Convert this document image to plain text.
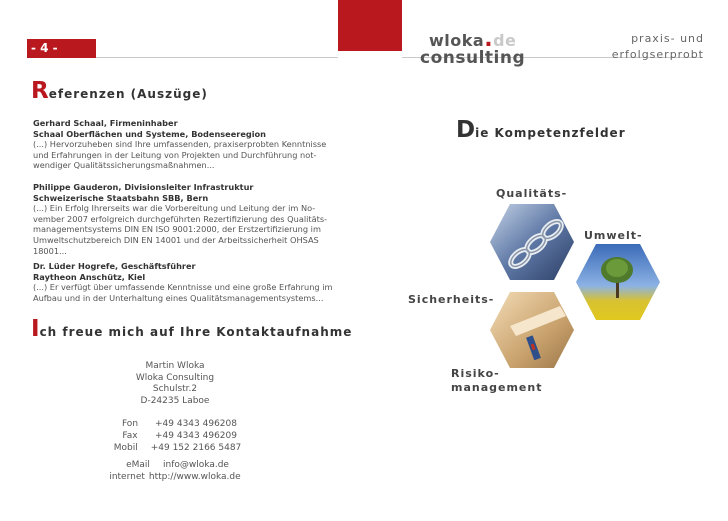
- 4 -	wloka.de
consulting
praxis- und
erfolgserprobt
Referenzen (Auszüge)
Gerhard Schaal, Firmeninhaber
Schaal Oberflächen und Systeme, Bodenseeregion
(...) Hervorzuheben sind Ihre umfassenden, praxiserprobten Kenntnisse und Erfahrungen in der Leitung von Projekten und Durchführung not-wendiger Qualitätssicherungsmaßnahmen...
Philippe Gauderon, Divisionsleiter Infrastruktur
Schweizerische Staatsbahn SBB, Bern
(...) Ein Erfolg Ihrerseits war die Vorbereitung und Leitung der im No-vember 2007 erfolgreich durchgeführten Rezertifizierung des Qualitäts-managementsystems DIN EN ISO 9001:2000, der Erstzertifizierung im Umweltschutzbereich DIN EN 14001 und der Arbeitssicherheit OHSAS 18001...
Dr. Lüder Hogrefe, Geschäftsführer
Raytheon Anschütz, Kiel
(...) Er verfügt über umfassende Kenntnisse und eine große Erfahrung im Aufbau und in der Unterhaltung eines Qualitätsmanagementsystems...
Ich freue mich auf Ihre Kontaktaufnahme
Martin Wloka
Wloka Consulting
Schulstr.2
D-24235 Laboe
Fon	+49 4343 496208
Fax	+49 4343 496209
Mobil	+49 152 2166 5487
eMail	info@wloka.de
internet http://www.wloka.de
Die Kompetenzfelder
Qualitäts-
Umwelt-
Sicherheits-
Risiko-
management
